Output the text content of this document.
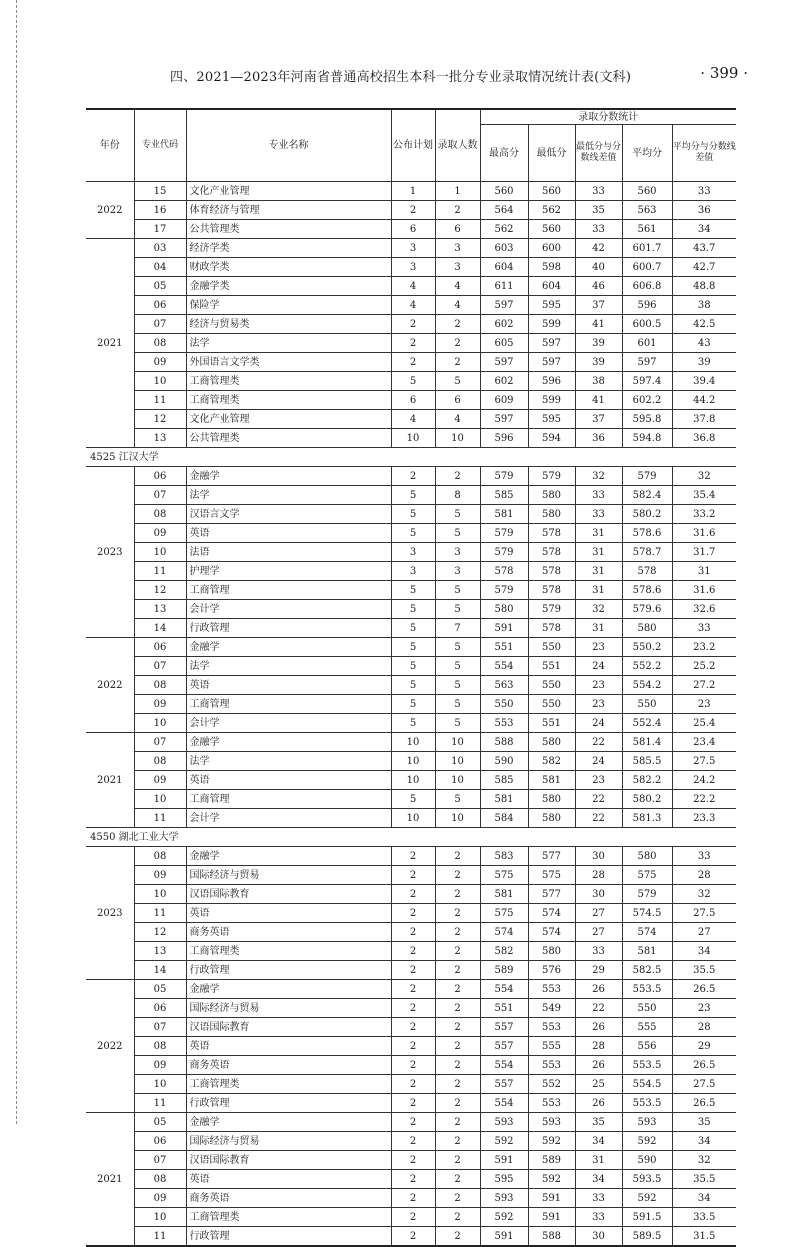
四、2021—2023年河南省普通高校招生本科一批分专业录取情况统计表(文科)	· 399 ·
年份	专业代码	专业名称	公布计划	录取人数	录取分数统计				
					最高分	最低分	最低分与分数线差值	平均分	平均分与分数线差值
2022	15	文化产业管理	1	1	560	560	33	560	33
	16	体育经济与管理	2	2	564	562	35	563	36
	17	公共管理类	6	6	562	560	33	561	34
2021	03	经济学类	3	3	603	600	42	601.7	43.7
	04	财政学类	3	3	604	598	40	600.7	42.7
	05	金融学类	4	4	611	604	46	606.8	48.8
	06	保险学	4	4	597	595	37	596	38
	07	经济与贸易类	2	2	602	599	41	600.5	42.5
	08	法学	2	2	605	597	39	601	43
	09	外国语言文学类	2	2	597	597	39	597	39
	10	工商管理类	5	5	602	596	38	597.4	39.4
	11	工商管理类	6	6	609	599	41	602.2	44.2
	12	文化产业管理	4	4	597	595	37	595.8	37.8
	13	公共管理类	10	10	596	594	36	594.8	36.8
4525 江汉大学									
2023	06	金融学	2	2	579	579	32	579	32
	07	法学	5	8	585	580	33	582.4	35.4
	08	汉语言文学	5	5	581	580	33	580.2	33.2
	09	英语	5	5	579	578	31	578.6	31.6
	10	法语	3	3	579	578	31	578.7	31.7
	11	护理学	3	3	578	578	31	578	31
	12	工商管理	5	5	579	578	31	578.6	31.6
	13	会计学	5	5	580	579	32	579.6	32.6
	14	行政管理	5	7	591	578	31	580	33
2022	06	金融学	5	5	551	550	23	550.2	23.2
	07	法学	5	5	554	551	24	552.2	25.2
	08	英语	5	5	563	550	23	554.2	27.2
	09	工商管理	5	5	550	550	23	550	23
	10	会计学	5	5	553	551	24	552.4	25.4
2021	07	金融学	10	10	588	580	22	581.4	23.4
	08	法学	10	10	590	582	24	585.5	27.5
	09	英语	10	10	585	581	23	582.2	24.2
	10	工商管理	5	5	581	580	22	580.2	22.2
	11	会计学	10	10	584	580	22	581.3	23.3
4550 湖北工业大学									
2023	08	金融学	2	2	583	577	30	580	33
	09	国际经济与贸易	2	2	575	575	28	575	28
	10	汉语国际教育	2	2	581	577	30	579	32
	11	英语	2	2	575	574	27	574.5	27.5
	12	商务英语	2	2	574	574	27	574	27
	13	工商管理类	2	2	582	580	33	581	34
	14	行政管理	2	2	589	576	29	582.5	35.5
2022	05	金融学	2	2	554	553	26	553.5	26.5
	06	国际经济与贸易	2	2	551	549	22	550	23
	07	汉语国际教育	2	2	557	553	26	555	28
	08	英语	2	2	557	555	28	556	29
	09	商务英语	2	2	554	553	26	553.5	26.5
	10	工商管理类	2	2	557	552	25	554.5	27.5
	11	行政管理	2	2	554	553	26	553.5	26.5
2021	05	金融学	2	2	593	593	35	593	35
	06	国际经济与贸易	2	2	592	592	34	592	34
	07	汉语国际教育	2	2	591	589	31	590	32
	08	英语	2	2	595	592	34	593.5	35.5
	09	商务英语	2	2	593	591	33	592	34
	10	工商管理类	2	2	592	591	33	591.5	33.5
	11	行政管理	2	2	591	588	30	589.5	31.5
